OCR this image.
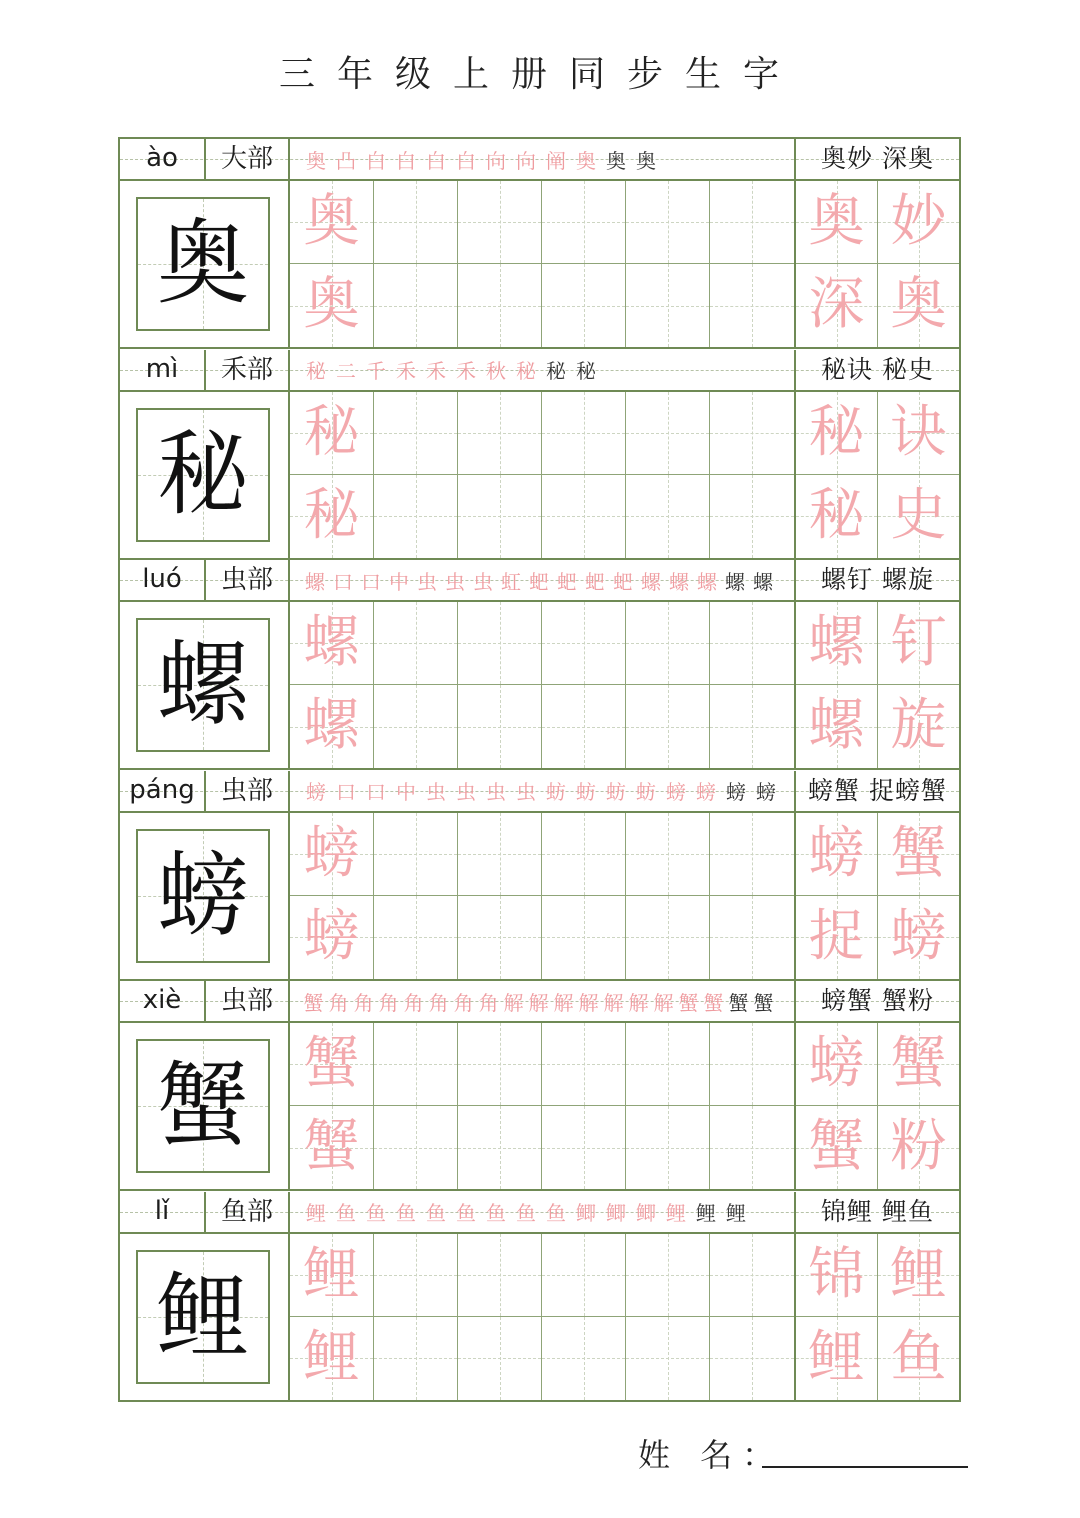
三年级上册同步生字
ào	大部	奥 凸 白 白 白 白 向 向 阐 奥 奥 奥	奥妙 深奥
奥 奥
奥
奥 妙
深 奥
mì	禾部	秘 二 千 禾 禾 禾 秋 秘 秘 秘	秘诀 秘史
秘 秘
秘
秘 诀
秘 史
luó	虫部	螺 口 口 中 虫 虫 虫 虹 蚆 蚆 蚆 蚆 螺 螺 螺 螺 螺	螺钉 螺旋
螺 螺
螺
螺 钉
螺 旋
páng	虫部	螃 口 口 中 虫 虫 虫 虫 蚄 蚄 蚄 蚄 螃 螃 螃 螃	螃蟹 捉螃蟹
螃 螃
螃
螃 蟹
捉 螃
xiè	虫部	蟹 角 角 角 角 角 角 角 解 解 解 解 解 解 解 蟹 蟹 蟹 蟹	螃蟹 蟹粉
蟹 蟹
蟹
螃 蟹
蟹 粉
lǐ	鱼部	鲤 鱼 鱼 鱼 鱼 鱼 鱼 鱼 鱼 鲫 鲫 鲫 鲤 鲤 鲤	锦鲤 鲤鱼
鲤 鲤
鲤
锦 鲤
鲤 鱼
姓 名：
